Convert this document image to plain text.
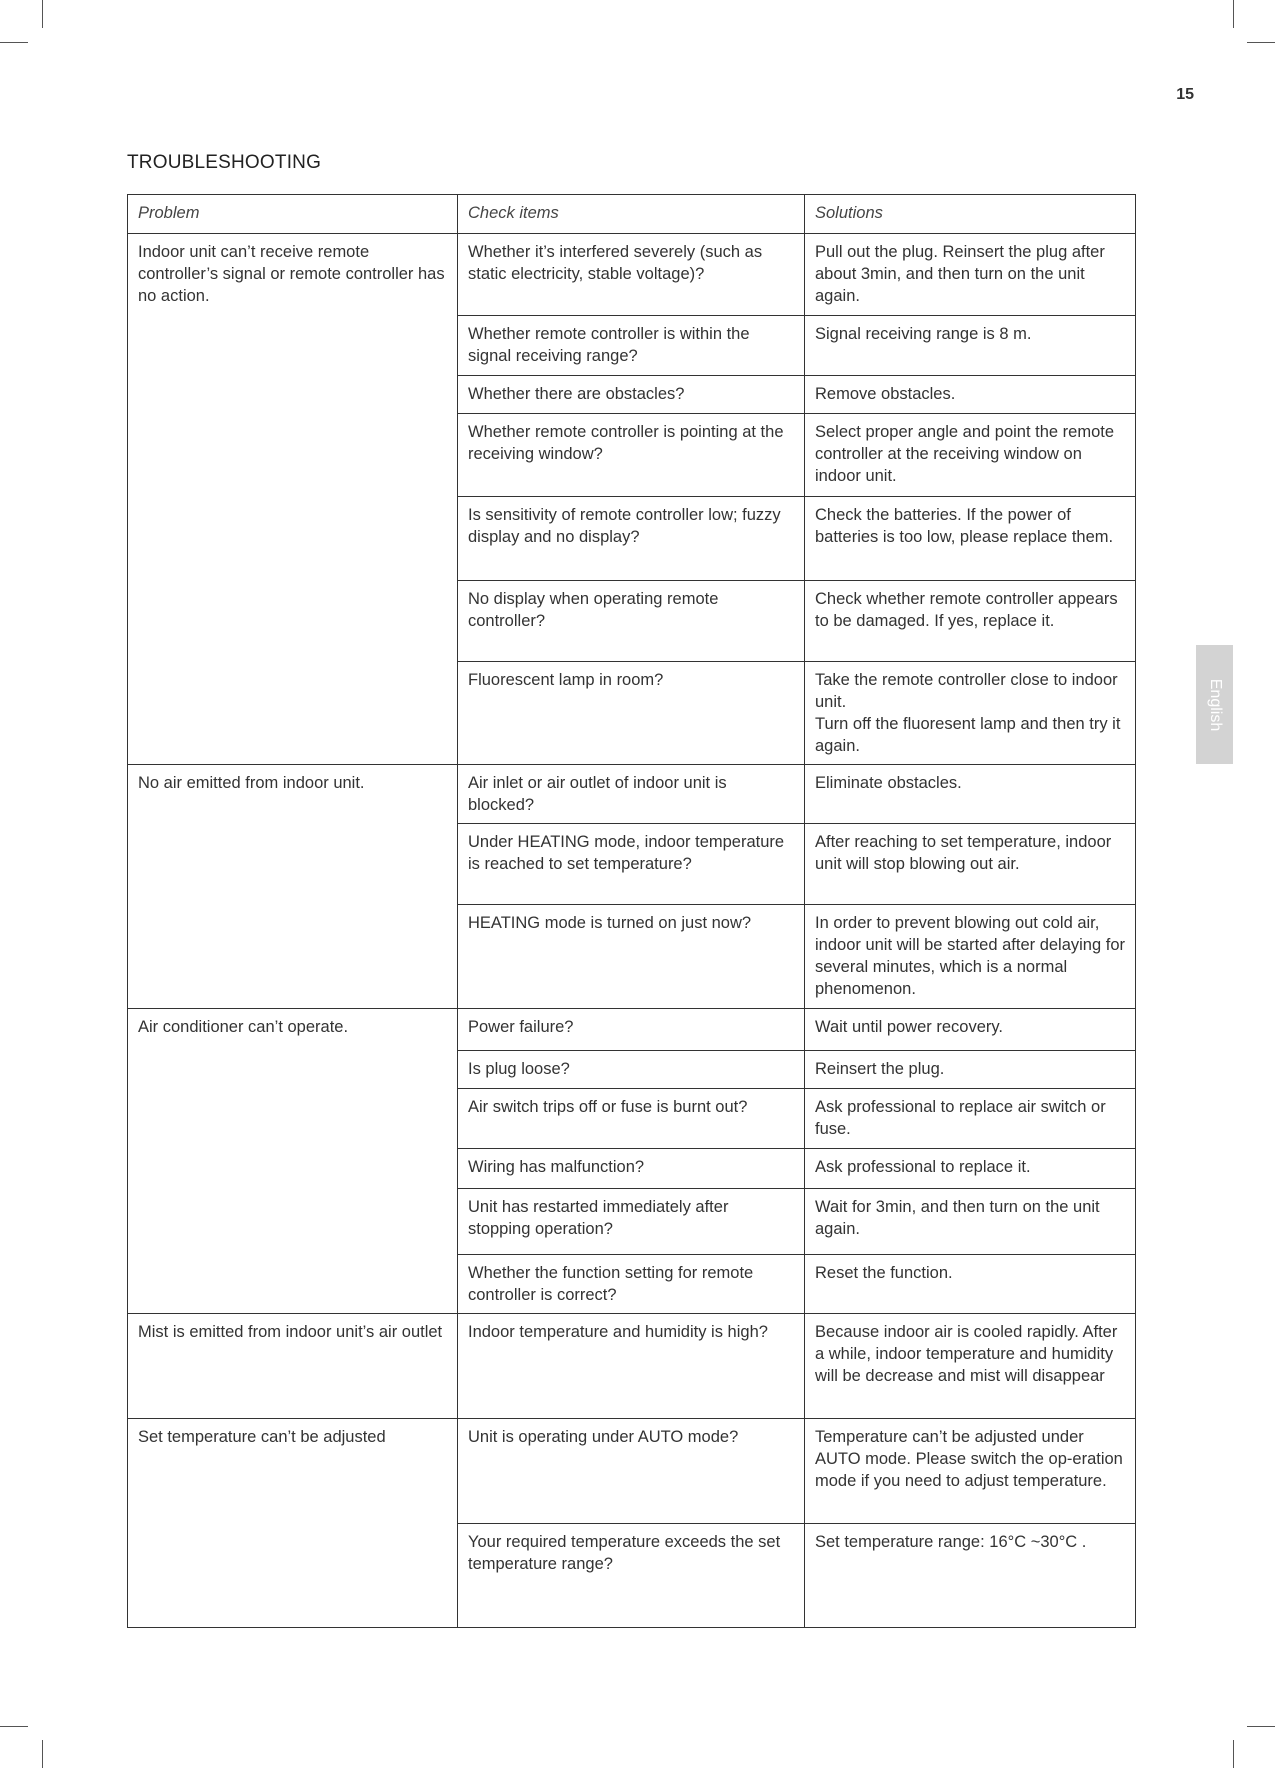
15
TROUBLESHOOTING
English
Problem	Check items	Solutions
Indoor unit can’t receive remote controller’s signal or remote controller has no action.	Whether it’s interfered severely (such as static electricity, stable voltage)?	Pull out the plug. Reinsert the plug after about 3min, and then turn on the unit again.
	Whether remote controller is within the signal receiving range?	Signal receiving range is 8 m.
	Whether there are obstacles?	Remove obstacles.
	Whether remote controller is pointing at the receiving window?	Select proper angle and point the remote controller at the receiving window on indoor unit.
	Is sensitivity of remote controller low; fuzzy display and no display?	Check the batteries. If the power of batteries is too low, please replace them.
	No display when operating remote controller?	Check whether remote controller appears to be damaged. If yes, replace it.
	Fluorescent lamp in room?	Take the remote controller close to indoor unit.
Turn off the fluoresent lamp and then try it again.

No air emitted from indoor unit.	Air inlet or air outlet of indoor unit is blocked?	Eliminate obstacles.
	Under HEATING mode, indoor temperature is reached to set temperature?	After reaching to set temperature, indoor unit will stop blowing out air.
	HEATING mode is turned on just now?	In order to prevent blowing out cold air, indoor unit will be started after delaying for several minutes, which is a normal phenomenon.
Air conditioner can’t operate.	Power failure?	Wait until power recovery.
	Is plug loose?	Reinsert the plug.
	Air switch trips off or fuse is burnt out?	Ask professional to replace air switch or fuse.
	Wiring has malfunction?	Ask professional to replace it.
	Unit has restarted immediately after stopping operation?	Wait for 3min, and then turn on the unit again.
	Whether the function setting for remote controller is correct?	Reset the function.
Mist is emitted from indoor unit’s air outlet	Indoor temperature and humidity is high?	Because indoor air is cooled rapidly. After a while, indoor temperature and humidity will be decrease and mist will disappear
Set temperature can’t be adjusted	Unit is operating under AUTO mode?	Temperature can’t be adjusted under AUTO mode. Please switch the op-eration mode if you need to adjust temperature.
	Your required temperature exceeds the set temperature range?	Set temperature range: 16°C ~30°C .
